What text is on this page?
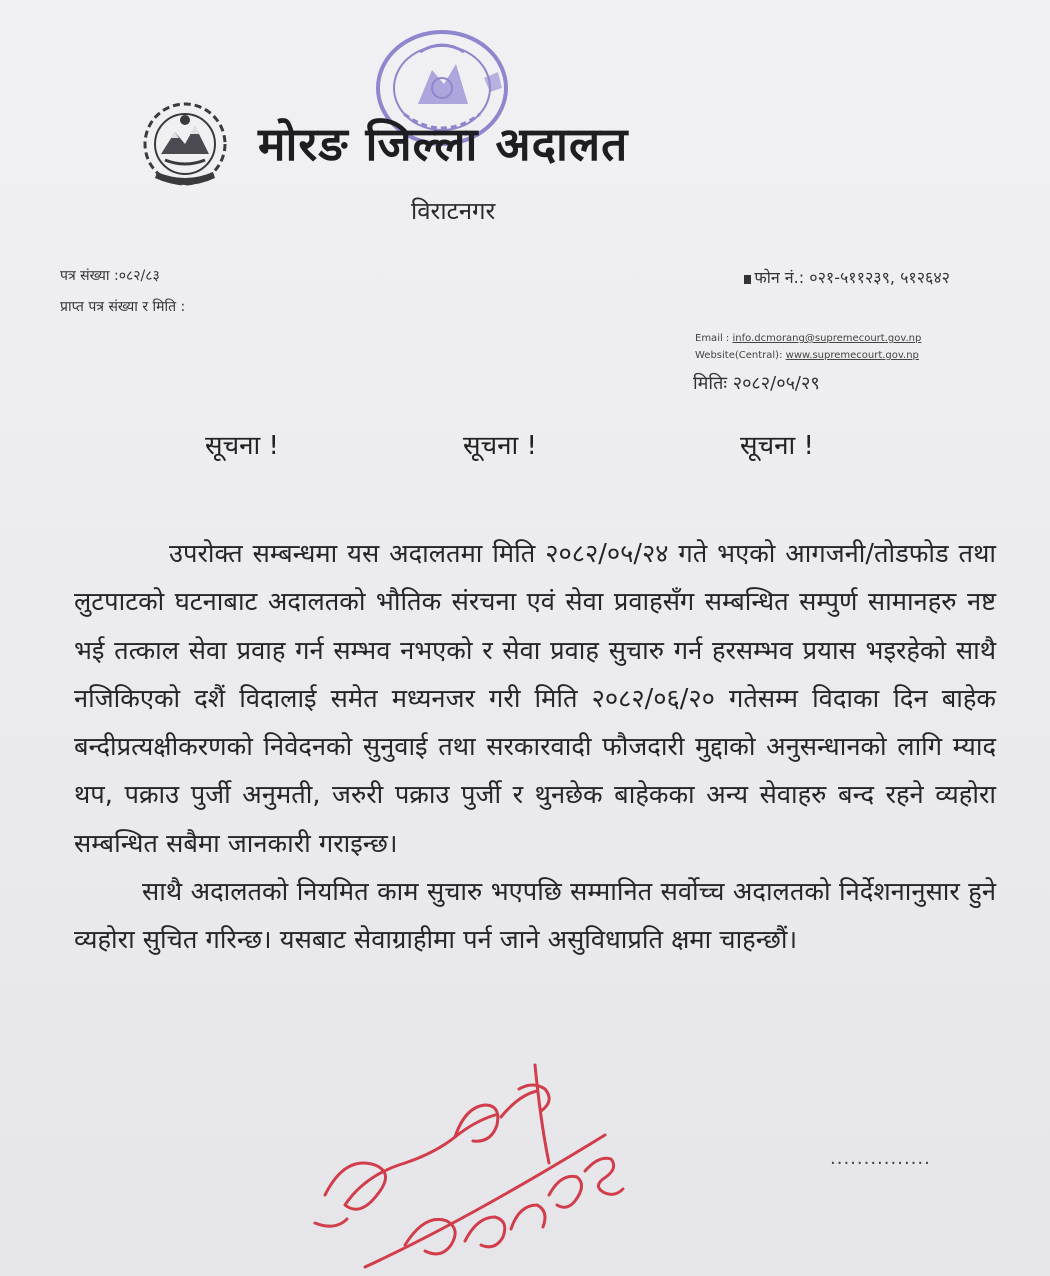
मोरङ जिल्ला अदालत
विराटनगर
पत्र संख्या :०८२/८३
प्राप्त पत्र संख्या र मिति :
फोन नं.: ०२१-५११२३९, ५१२६४२
Email : info.dcmorang@supremecourt.gov.np
Website(Central): www.supremecourt.gov.np
मितिः २०८२/०५/२९
सूचना !	सूचना !	सूचना !

उपरोक्त सम्बन्धमा यस अदालतमा मिति २०८२/०५/२४ गते भएको आगजनी/तोडफोड तथा लुटपाटको घटनाबाट अदालतको भौतिक संरचना एवं सेवा प्रवाहसँग सम्बन्धित सम्पुर्ण सामानहरु नष्ट भई तत्काल सेवा प्रवाह गर्न सम्भव नभएको र सेवा प्रवाह सुचारु गर्न हरसम्भव प्रयास भइरहेको साथै नजिकिएको दशैं विदालाई समेत मध्यनजर गरी मिति २०८२/०६/२० गतेसम्म विदाका दिन बाहेक बन्दीप्रत्यक्षीकरणको निवेदनको सुनुवाई तथा सरकारवादी फौजदारी मुद्दाको अनुसन्धानको लागि म्याद थप, पक्राउ पुर्जी अनुमती, जरुरी पक्राउ पुर्जी र थुनछेक बाहेकका अन्य सेवाहरु बन्द रहने व्यहोरा सम्बन्धित सबैमा जानकारी गराइन्छ।

साथै अदालतको नियमित काम सुचारु भएपछि सम्मानित सर्वोच्च अदालतको निर्देशनानुसार हुने व्यहोरा सुचित गरिन्छ। यसबाट सेवाग्राहीमा पर्न जाने असुविधाप्रति क्षमा चाहन्छौं।

...............
